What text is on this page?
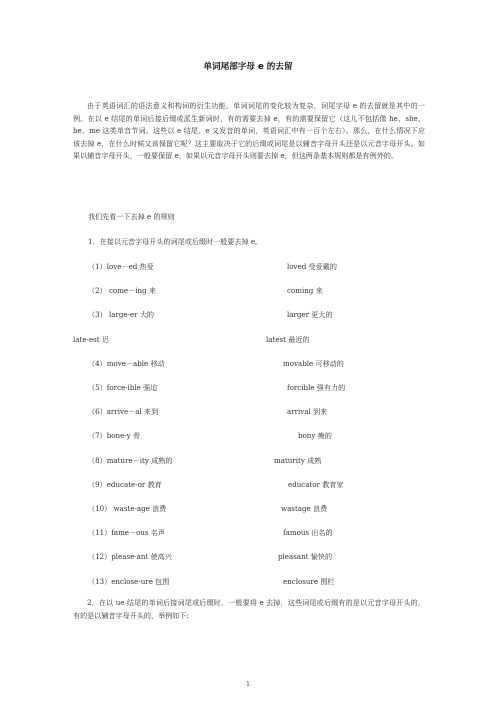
单词尾部字母 e 的去留
由于英语词汇的语法意义和构词的衍生功能，单词词尾的变化较为复杂，词尾字母 e 的去留就是其中的一例。在以 e 结尾的单词后接后缀或派生新词时，有的需要去掉 e，有的需要保留它（这儿不包括像 he、she、be、me 这类单音节词。这些以 e 结尾，e 又发音的单词，英语词汇中有一百个左右）。那么，在什么情况下应该去掉 e，在什么时候又该保留它呢？这主要取决于它的后缀或词尾是以辅音字母开头还是以元音字母开头。如果以辅音字母开头，一般要保留 e，如果以元音字母开头则要去掉 e，但这两条基本规则都是有例外的。
我们先看一下去掉 e 的规则
1．在接以元音字母开头的词尾或后缀时一般要去掉 e。
（1）love－ed 热爱	loved 受爱戴的
（2） come－ing 来	coming 来
（3） large-er 大的	larger 更大的
late-est 迟	latest 最近的
（4）move－able 移动	movable 可移动的
（5）force-ible 强迫	forcible 强有力的
（6）arrive－al 来到	arrival 到来
（7）bone-y 骨	bony 瘦的
（8）mature－ity 成熟的	maturity 成熟
（9）educate-or 教育	educator 教育家
（10） waste-age 浪费	wastage 浪费
（11）fame－ous 名声	famous 出名的
（12）please-ant 使高兴	pleasant 愉快的
（13）enclose-ure 包围	enclosure 围栏
2．在以 ue 结尾的单词后接词尾或后缀时，一般要将 e 去掉，这些词尾或后缀有的是以元音字母开头的，有的是以辅音字母开头的，举例如下:
1
